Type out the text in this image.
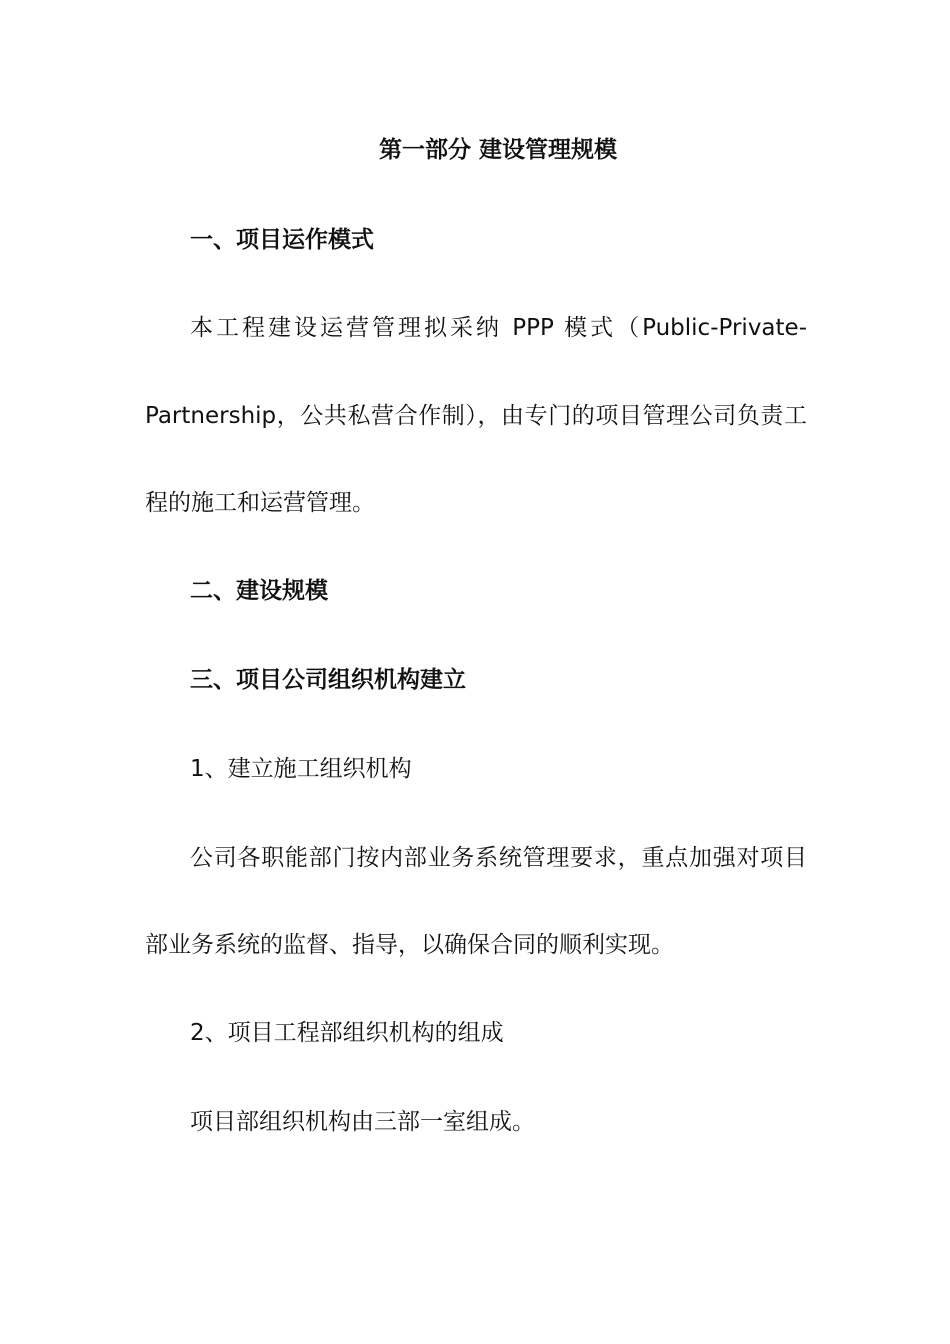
第一部分 建设管理规模
一、项目运作模式
本工程建设运营管理拟采纳 PPP 模式（Public-Private-
Partnership，公共私营合作制），由专门的项目管理公司负责工
程的施工和运营管理。
二、建设规模
三、项目公司组织机构建立
1、建立施工组织机构
公司各职能部门按内部业务系统管理要求，重点加强对项目
部业务系统的监督、指导，以确保合同的顺利实现。
2、项目工程部组织机构的组成
项目部组织机构由三部一室组成。
